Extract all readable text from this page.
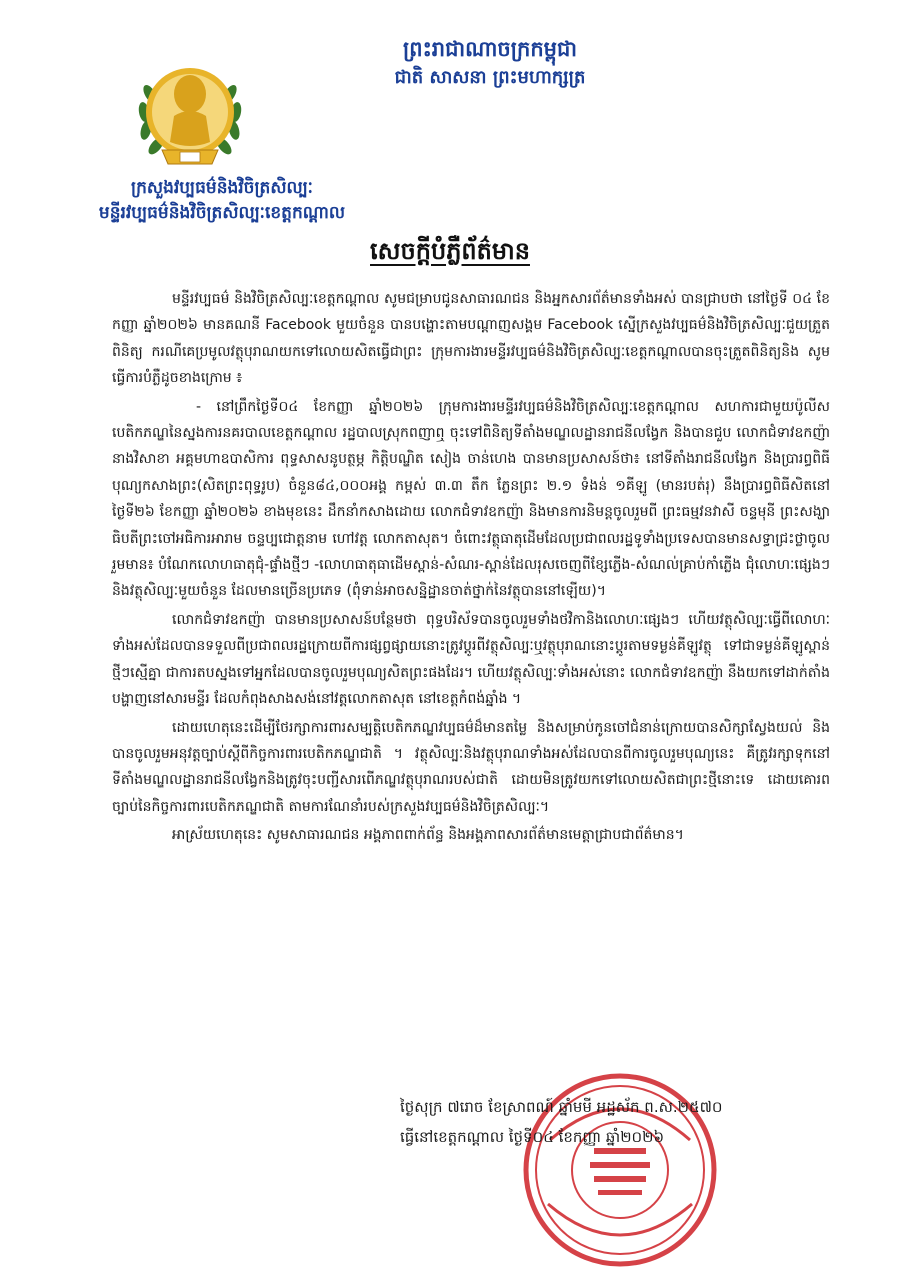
ព្រះរាជាណាចក្រកម្ពុជា
ជាតិ សាសនា ព្រះមហាក្សត្រ
ក្រសួងវប្បធម៌និងវិចិត្រសិល្បៈ
មន្ទីរវប្បធម៌និងវិចិត្រសិល្បៈខេត្តកណ្ដាល
សេចក្ដីបំភ្លឺព័ត៌មាន

មន្ទីរវប្បធម៌ និងវិចិត្រសិល្បៈខេត្តកណ្ដាល សូមជម្រាបជូនសាធារណជន និងអ្នកសារព័ត៌មានទាំងអស់ បានជ្រាបថា នៅថ្ងៃទី ០៤ ខែកញ្ញា ឆ្នាំ២០២៦ មានគណនី Facebook មួយចំនួន បានបង្ហោះតាមបណ្ដាញសង្គម Facebook ស្នើក្រសួងវប្បធម៌និងវិចិត្រសិល្បៈជួយត្រួតពិនិត្យ ករណីគេប្រមូលវត្ថុបុរាណយកទៅលោយសិតធ្វើជាព្រះ ក្រុមការងារមន្ទីរវប្បធម៌និងវិចិត្រសិល្បៈខេត្តកណ្ដាលបានចុះត្រួតពិនិត្យនិង សូមធ្វើការបំភ្លឺដូចខាងក្រោម ៖

- នៅព្រឹកថ្ងៃទី០៤ ខែកញ្ញា ឆ្នាំ២០២៦ ក្រុមការងារមន្ទីរវប្បធម៌និងវិចិត្រសិល្បៈខេត្តកណ្ដាល សហការជាមួយប៉ូលីសបេតិកភណ្ឌនៃស្នងការនគរបាលខេត្តកណ្ដាល រដ្ឋបាលស្រុកពញាឮ ចុះទៅពិនិត្យទីតាំងមណ្ឌលដ្ឋានរាជនីលង្វែក និងបានជួប លោកជំទាវឧកញ៉ា នាងវិសាខា អគ្គមហាឧបាសិការ ពុទ្ធសាសនូបត្ថម្ភ កិត្តិបណ្ឌិត សៀង ចាន់ហេង បានមានប្រសាសន៍ថា៖ នៅទីតាំងរាជនីលង្វែក និងប្រារព្ធពិធីបុណ្យកសាងព្រះ(សិតព្រះពុទ្ធរូប) ចំនួន៨៤,០០០អង្គ កម្ពស់ ៣.៣ តឹក ភ្លែនព្រះ ២.១ ទំងន់ ១គីឡូ (មានរបត់រុ) នឹងប្រារព្ធពិធីសិតនៅថ្ងៃទី២៦ ខែកញ្ញា ឆ្នាំ២០២៦ ខាងមុខនេះ ដឹកនាំកសាងដោយ លោកជំទាវឧកញ៉ា និងមានការនិមន្តចូលរួមពី ព្រះធម្មវនវាសី ចន្ទមុនី ព្រះសង្ឃាធិបតីព្រះចៅអធិការអារាម ចន្ទប្បជោត្តនាម ហៅវត្ត លោកតាសុត។ ចំពោះវត្ថុធាតុដើមដែលប្រជាពលរដ្ឋទូទាំងប្រទេសបានមានសទ្ធាជ្រះថ្លាចូលរួមមាន៖ បំណែកលោហធាតុជុំ-ផ្ទាំងថ្មីៗ -លោហធាតុធាដើមស្ពាន់-សំណរ-ស្ពាន់ដែលរុសចេញពីខ្សែភ្លើង-សំណល់គ្រាប់កាំភ្លើង ជុំលោហៈផ្សេងៗ និងវត្ថុសិល្បៈមួយចំនួន ដែលមានច្រើនប្រភេទ (ពុំទាន់អាចសន្និដ្ឋានចាត់ថ្នាក់នៃវត្ថុបាននៅឡើយ)។

លោកជំទាវឧកញ៉ា បានមានប្រសាសន៍បន្ថែមថា ពុទ្ធបរិស័ទបានចូលរួមទាំងថវិកានិងលោហៈផ្សេងៗ ហើយវត្ថុសិល្បៈធ្វើពីលោហៈទាំងអស់ដែលបានទទួលពីប្រជាពលរដ្ឋក្រោយពីការផ្សព្វផ្សាយនោះត្រូវប្ដូរពីវត្ថុសិល្បៈឬវត្ថុបុរាណនោះប្ដូរតាមទម្ងន់គីឡូវត្ថុ ទៅជាទម្ងន់គីឡូស្ពាន់ថ្មីៗស្មើគ្នា ជាការតបស្នងទៅអ្នកដែលបានចូលរួមបុណ្យសិតព្រះផងដែរ។ ហើយវត្ថុសិល្បៈទាំងអស់នោះ លោកជំទាវឧកញ៉ា នឹងយកទៅដាក់តាំងបង្ហាញនៅសារមន្ទីរ ដែលកំពុងសាងសង់នៅវត្តលោកតាសុត នៅខេត្តកំពង់ឆ្នាំង ។

ដោយហេតុនេះដើម្បីថែរក្សាការពារសម្បត្តិបេតិកភណ្ឌវប្បធម៌ដ៏មានតម្លៃ និងសម្រាប់កូនចៅជំនាន់ក្រោយបានសិក្សាស្វែងយល់ និងបានចូលរួមអនុវត្តច្បាប់ស្ដីពីកិច្ចការពារបេតិកភណ្ឌជាតិ ។ វត្ថុសិល្បៈនិងវត្ថុបុរាណទាំងអស់ដែលបានពីការចូលរួមបុណ្យនេះ គឺត្រូវរក្សាទុកនៅទីតាំងមណ្ឌលដ្ឋានរាជនីលង្វែកនិងត្រូវចុះបញ្ជីសារពើភណ្ឌវត្ថុបុរាណរបស់ជាតិ ដោយមិនត្រូវយកទៅលោយសិតជាព្រះថ្មីនោះទេ ដោយគោរពច្បាប់នៃកិច្ចការពារបេតិកភណ្ឌជាតិ តាមការណែនាំរបស់ក្រសួងវប្បធម៌និងវិចិត្រសិល្បៈ។

អាស្រ័យហេតុនេះ សូមសាធារណជន អង្គភាពពាក់ព័ន្ធ និងអង្គភាពសារព័ត៌មានមេត្តាជ្រាបជាព័ត៌មាន។

ថ្ងៃសុក្រ ៧រោច ខែស្រាពណ៍ ឆ្នាំមមី អដ្ឋស័ក ព.ស.២៥៧០
ធ្វើនៅខេត្តកណ្ដាល ថ្ងៃទី០៤ ខែកញ្ញា ឆ្នាំ២០២៦
